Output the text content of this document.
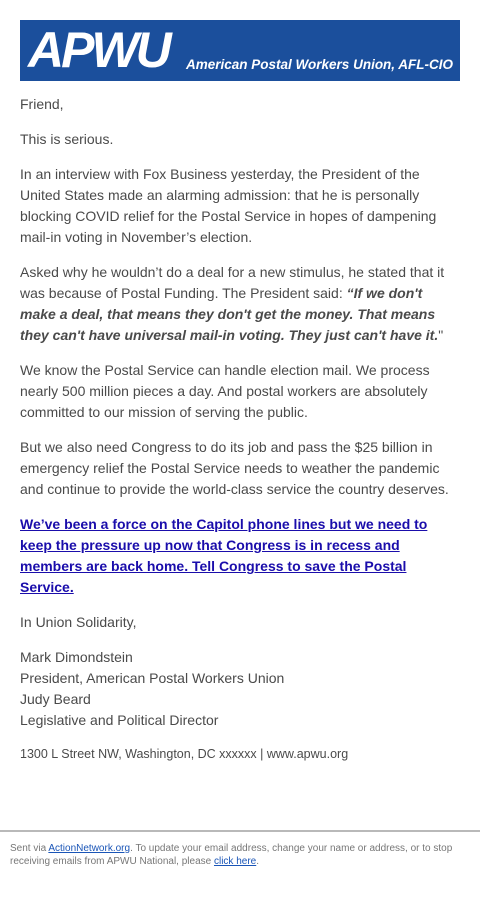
APWU American Postal Workers Union, AFL-CIO

Friend,

This is serious.

In an interview with Fox Business yesterday, the President of the United States made an alarming admission: that he is personally blocking COVID relief for the Postal Service in hopes of dampening mail-in voting in November’s election.

Asked why he wouldn’t do a deal for a new stimulus, he stated that it was because of Postal Funding. The President said: “If we don't make a deal, that means they don't get the money. That means they can't have universal mail-in voting. They just can't have it."

We know the Postal Service can handle election mail. We process nearly 500 million pieces a day. And postal workers are absolutely committed to our mission of serving the public.

But we also need Congress to do its job and pass the $25 billion in emergency relief the Postal Service needs to weather the pandemic and continue to provide the world-class service the country deserves.

We’ve been a force on the Capitol phone lines but we need to keep the pressure up now that Congress is in recess and members are back home. Tell Congress to save the Postal Service.

In Union Solidarity,

Mark Dimondstein

President, American Postal Workers Union

Judy Beard

Legislative and Political Director

1300 L Street NW, Washington, DC xxxxxx | www.apwu.org
Sent via ActionNetwork.org. To update your email address, change your name or address, or to stop receiving emails from APWU National, please click here.
